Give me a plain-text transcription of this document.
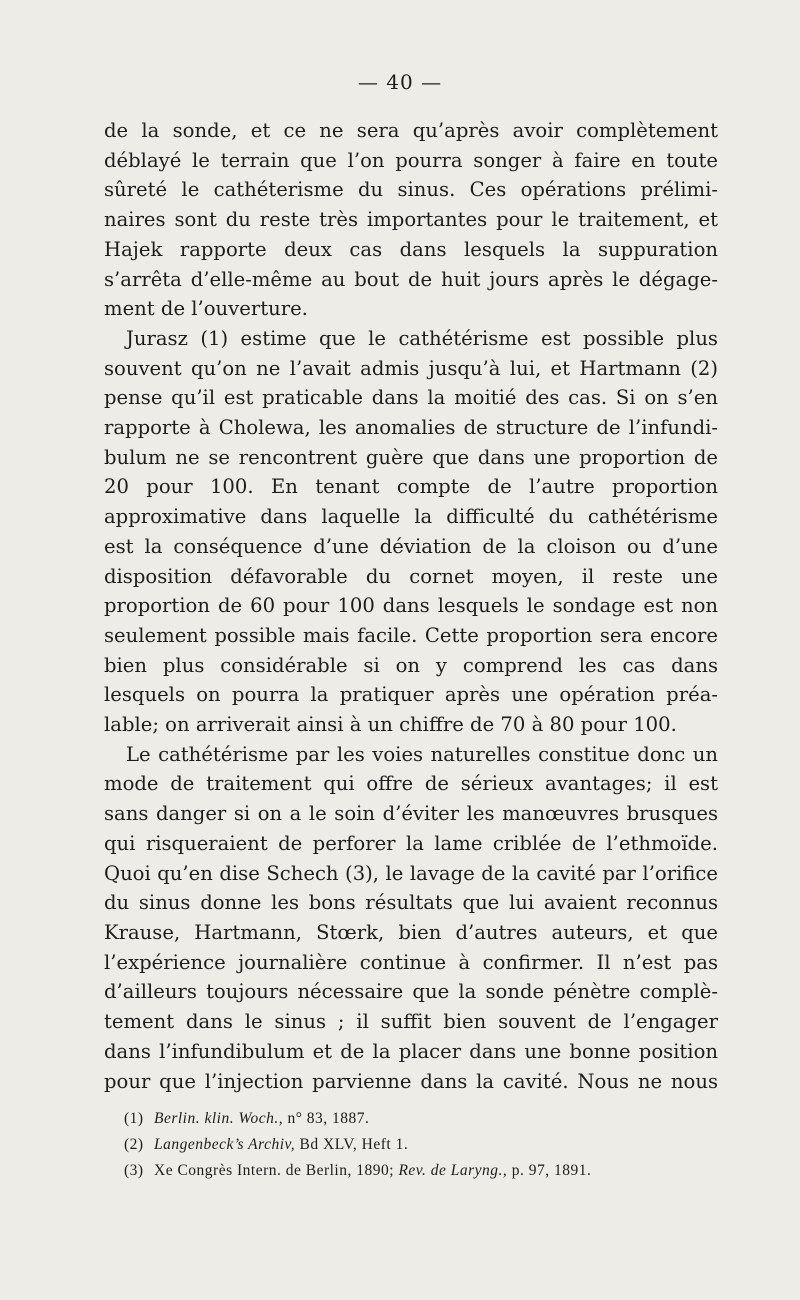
— 40 —
de la sonde, et ce ne sera qu’après avoir complètement
déblayé le terrain que l’on pourra songer à faire en toute
sûreté le cathéterisme du sinus. Ces opérations prélimi-
naires sont du reste très importantes pour le traitement, et
Hajek rapporte deux cas dans lesquels la suppuration
s’arrêta d’elle-même au bout de huit jours après le dégage-
ment de l’ouverture.
Jurasz (1) estime que le cathétérisme est possible plus
souvent qu’on ne l’avait admis jusqu’à lui, et Hartmann (2)
pense qu’il est praticable dans la moitié des cas. Si on s’en
rapporte à Cholewa, les anomalies de structure de l’infundi-
bulum ne se rencontrent guère que dans une proportion de
20 pour 100. En tenant compte de l’autre proportion
approximative dans laquelle la difficulté du cathétérisme
est la conséquence d’une déviation de la cloison ou d’une
disposition défavorable du cornet moyen, il reste une
proportion de 60 pour 100 dans lesquels le sondage est non
seulement possible mais facile. Cette proportion sera encore
bien plus considérable si on y comprend les cas dans
lesquels on pourra la pratiquer après une opération préa-
lable; on arriverait ainsi à un chiffre de 70 à 80 pour 100.
Le cathétérisme par les voies naturelles constitue donc un
mode de traitement qui offre de sérieux avantages; il est
sans danger si on a le soin d’éviter les manœuvres brusques
qui risqueraient de perforer la lame criblée de l’ethmoïde.
Quoi qu’en dise Schech (3), le lavage de la cavité par l’orifice
du sinus donne les bons résultats que lui avaient reconnus
Krause, Hartmann, Stœrk, bien d’autres auteurs, et que
l’expérience journalière continue à confirmer. Il n’est pas
d’ailleurs toujours nécessaire que la sonde pénètre complè-
tement dans le sinus ; il suffit bien souvent de l’engager
dans l’infundibulum et de la placer dans une bonne position
pour que l’injection parvienne dans la cavité. Nous ne nous
(1) Berlin. klin. Woch., n° 83, 1887.
(2) Langenbeck’s Archiv, Bd XLV, Heft 1.
(3) Xe Congrès Intern. de Berlin, 1890; Rev. de Laryng., p. 97, 1891.
